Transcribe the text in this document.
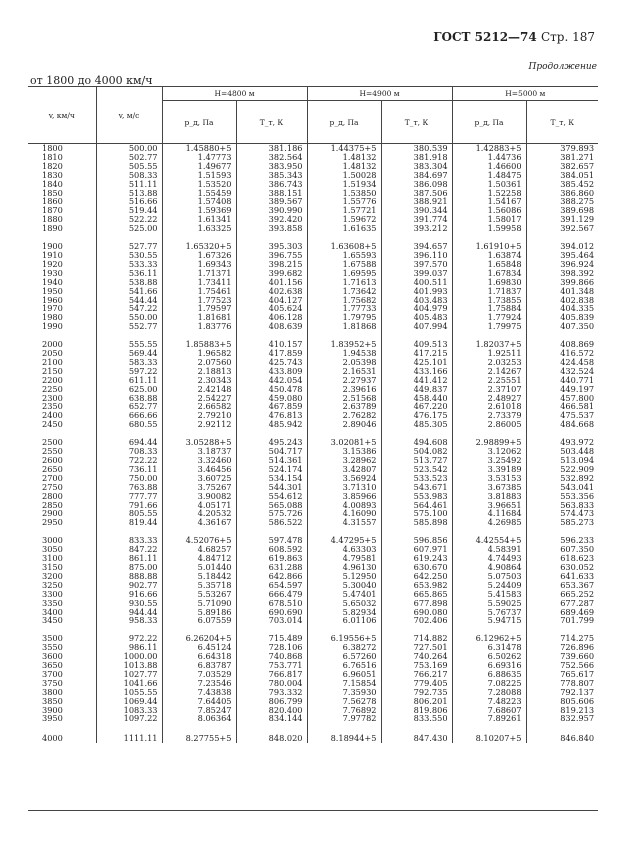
ГОСТ 5212—74 Стр. 187
Продолжение
от 1800 до 4000 км/ч
v, км/ч	v, м/с	H=4800 м		H=4900 м		H=5000 м	
		p_д, Па	T_т, К	p_д, Па	T_т, К	p_д, Па	T_т, К
1800	500.00	1.45880+5	381.186	1.44375+5	380.539	1.42883+5	379.893
1810	502.77	1.47773	382.564	1.48132	381.918	1.44736	381.271
1820	505.55	1.49677	383.950	1.48132	383.304	1.46600	382.657
1830	508.33	1.51593	385.343	1.50028	384.697	1.48475	384.051
1840	511.11	1.53520	386.743	1.51934	386.098	1.50361	385.452
1850	513.88	1.55459	388.151	1.53850	387.506	1.52258	386.860
1860	516.66	1.57408	389.567	1.55776	388.921	1.54167	388.275
1870	519.44	1.59369	390.990	1.57721	390.344	1.56086	389.698
1880	522.22	1.61341	392.420	1.59672	391.774	1.58017	391.129
1890	525.00	1.63325	393.858	1.61635	393.212	1.59958	392.567

1900	527.77	1.65320+5	395.303	1.63608+5	394.657	1.61910+5	394.012
1910	530.55	1.67326	396.755	1.65593	396.110	1.63874	395.464
1920	533.33	1.69343	398.215	1.67588	397.570	1.65848	396.924
1930	536.11	1.71371	399.682	1.69595	399.037	1.67834	398.392
1940	538.88	1.73411	401.156	1.71613	400.511	1.69830	399.866
1950	541.66	1.75461	402.638	1.73642	401.993	1.71837	401.348
1960	544.44	1.77523	404.127	1.75682	403.483	1.73855	402.838
1970	547.22	1.79597	405.624	1.77733	404.979	1.75884	404.335
1980	550.00	1.81681	406.128	1.79795	405.483	1.77924	405.839
1990	552.77	1.83776	408.639	1.81868	407.994	1.79975	407.350

2000	555.55	1.85883+5	410.157	1.83952+5	409.513	1.82037+5	408.869
2050	569.44	1.96582	417.859	1.94538	417.215	1.92511	416.572
2100	583.33	2.07560	425.743	2.05398	425.101	2.03253	424.458
2150	597.22	2.18813	433.809	2.16531	433.166	2.14267	432.524
2200	611.11	2.30343	442.054	2.27937	441.412	2.25551	440.771
2250	625.00	2.42148	450.478	2.39616	449.837	2.37107	449.197
2300	638.88	2.54227	459.080	2.51568	458.440	2.48927	457.800
2350	652.77	2.66582	467.859	2.63789	467.220	2.61018	466.581
2400	666.66	2.79210	476.813	2.76282	476.175	2.73379	475.537
2450	680.55	2.92112	485.942	2.89046	485.305	2.86005	484.668

2500	694.44	3.05288+5	495.243	3.02081+5	494.608	2.98899+5	493.972
2550	708.33	3.18737	504.717	3.15386	504.082	3.12062	503.448
2600	722.22	3.32460	514.361	3.28962	513.727	3.25492	513.094
2650	736.11	3.46456	524.174	3.42807	523.542	3.39189	522.909
2700	750.00	3.60725	534.154	3.56924	533.523	3.53153	532.892
2750	763.88	3.75267	544.301	3.71310	543.671	3.67385	543.041
2800	777.77	3.90082	554.612	3.85966	553.983	3.81883	553.356
2850	791.66	4.05171	565.088	4.00893	564.461	3.96651	563.833
2900	805.55	4.20532	575.726	4.16090	575.100	4.11684	574.473
2950	819.44	4.36167	586.522	4.31557	585.898	4.26985	585.273

3000	833.33	4.52076+5	597.478	4.47295+5	596.856	4.42554+5	596.233
3050	847.22	4.68257	608.592	4.63303	607.971	4.58391	607.350
3100	861.11	4.84712	619.863	4.79581	619.243	4.74493	618.623
3150	875.00	5.01440	631.288	4.96130	630.670	4.90864	630.052
3200	888.88	5.18442	642.866	5.12950	642.250	5.07503	641.633
3250	902.77	5.35718	654.597	5.30040	653.982	5.24409	653.367
3300	916.66	5.53267	666.479	5.47401	665.865	5.41583	665.252
3350	930.55	5.71090	678.510	5.65032	677.898	5.59025	677.287
3400	944.44	5.89186	690.690	5.82934	690.080	5.76737	689.469
3450	958.33	6.07559	703.014	6.01106	702.406	5.94715	701.799

3500	972.22	6.26204+5	715.489	6.19556+5	714.882	6.12962+5	714.275
3550	986.11	6.45124	728.106	6.38272	727.501	6.31478	726.896
3600	1000.00	6.64318	740.868	6.57260	740.264	6.50262	739.660
3650	1013.88	6.83787	753.771	6.76516	753.169	6.69316	752.566
3700	1027.77	7.03529	766.817	6.96051	766.217	6.88635	765.617
3750	1041.66	7.23546	780.004	7.15854	779.405	7.08225	778.807
3800	1055.55	7.43838	793.332	7.35930	792.735	7.28088	792.137
3850	1069.44	7.64405	806.799	7.56278	806.201	7.48223	805.606
3900	1083.33	7.85247	820.400	7.76892	819.806	7.68607	819.213
3950	1097.22	8.06364	834.144	7.97782	833.550	7.89261	832.957

4000	1111.11	8.27755+5	848.020	8.18944+5	847.430	8.10207+5	846.840
